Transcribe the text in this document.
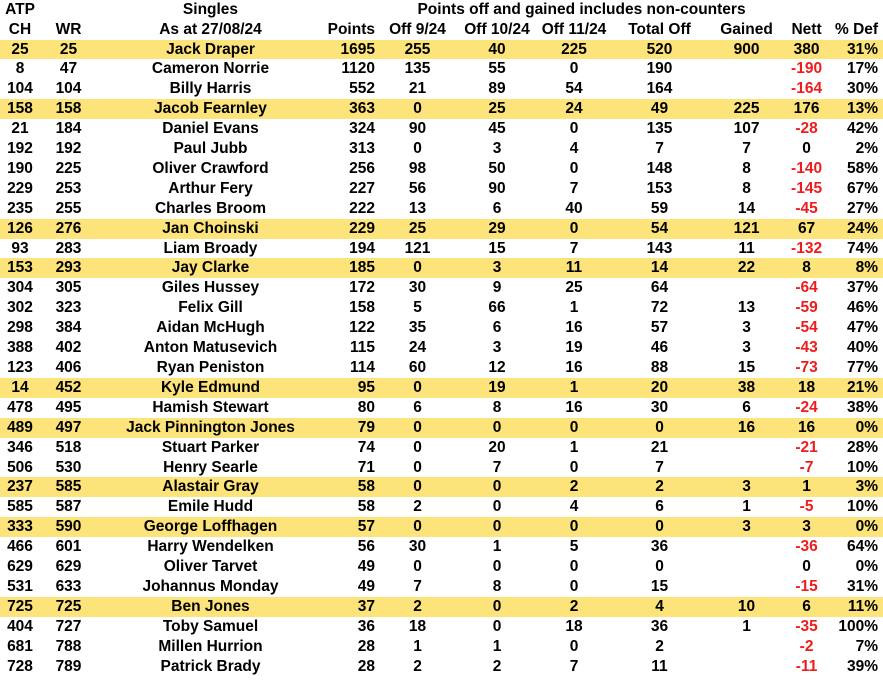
ATP		Singles		Points off and gained includes non-counters						
CH	WR	As at 27/08/24	Points	Off 9/24	Off 10/24	Off 11/24	Total Off	Gained	Nett	% Def
25	25	Jack Draper	1695	255	40	225	520	900	380	31%
8	47	Cameron Norrie	1120	135	55	0	190		-190	17%
104	104	Billy Harris	552	21	89	54	164		-164	30%
158	158	Jacob Fearnley	363	0	25	24	49	225	176	13%
21	184	Daniel Evans	324	90	45	0	135	107	-28	42%
192	192	Paul Jubb	313	0	3	4	7	7	0	2%
190	225	Oliver Crawford	256	98	50	0	148	8	-140	58%
229	253	Arthur Fery	227	56	90	7	153	8	-145	67%
235	255	Charles Broom	222	13	6	40	59	14	-45	27%
126	276	Jan Choinski	229	25	29	0	54	121	67	24%
93	283	Liam Broady	194	121	15	7	143	11	-132	74%
153	293	Jay Clarke	185	0	3	11	14	22	8	8%
304	305	Giles Hussey	172	30	9	25	64		-64	37%
302	323	Felix Gill	158	5	66	1	72	13	-59	46%
298	384	Aidan McHugh	122	35	6	16	57	3	-54	47%
388	402	Anton Matusevich	115	24	3	19	46	3	-43	40%
123	406	Ryan Peniston	114	60	12	16	88	15	-73	77%
14	452	Kyle Edmund	95	0	19	1	20	38	18	21%
478	495	Hamish Stewart	80	6	8	16	30	6	-24	38%
489	497	Jack Pinnington Jones	79	0	0	0	0	16	16	0%
346	518	Stuart Parker	74	0	20	1	21		-21	28%
506	530	Henry Searle	71	0	7	0	7		-7	10%
237	585	Alastair Gray	58	0	0	2	2	3	1	3%
585	587	Emile Hudd	58	2	0	4	6	1	-5	10%
333	590	George Loffhagen	57	0	0	0	0	3	3	0%
466	601	Harry Wendelken	56	30	1	5	36		-36	64%
629	629	Oliver Tarvet	49	0	0	0	0		0	0%
531	633	Johannus Monday	49	7	8	0	15		-15	31%
725	725	Ben Jones	37	2	0	2	4	10	6	11%
404	727	Toby Samuel	36	18	0	18	36	1	-35	100%
681	788	Millen Hurrion	28	1	1	0	2		-2	7%
728	789	Patrick Brady	28	2	2	7	11		-11	39%
